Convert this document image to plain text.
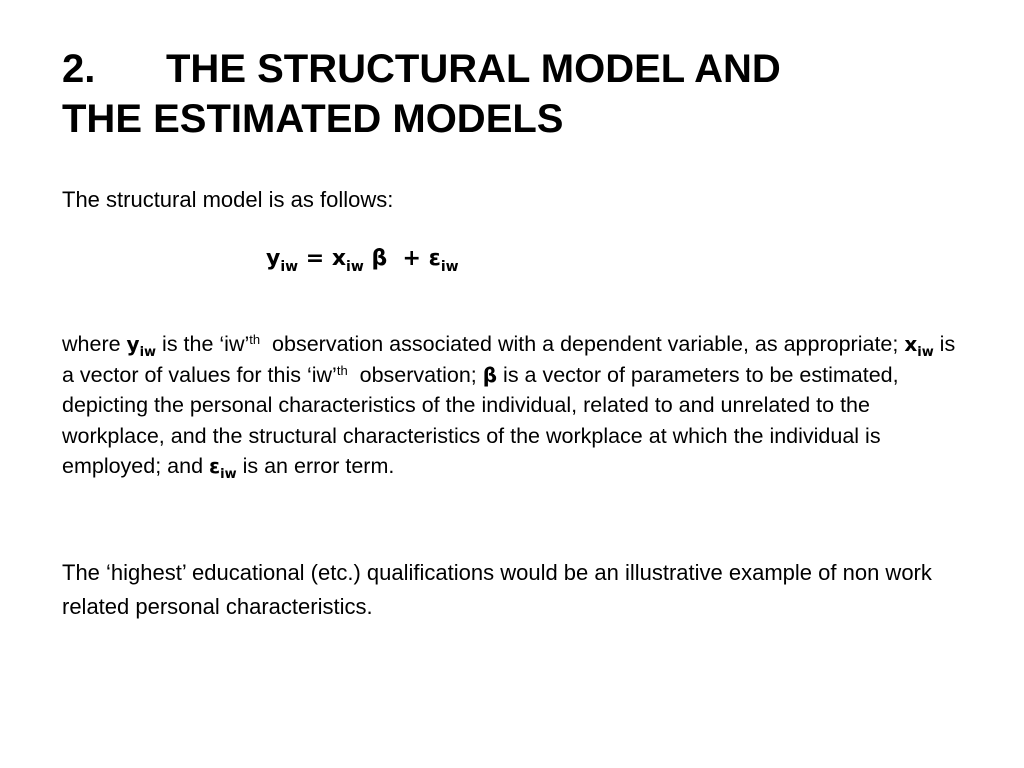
2. THE STRUCTURAL MODEL AND
THE ESTIMATED MODELS

The structural model is as follows:

$y_{iw} = x_{iw}$ $\beta + \varepsilon_{iw}$

where $y_{iw}$ is the ‘iw’$^{th}$  observation associated with a dependent variable, as appropriate; $x_{iw}$ is a vector of values for this ‘iw’$^{th}$  observation; β is a vector of parameters to be estimated, depicting the personal characteristics of the individual, related to and unrelated to the workplace, and the structural characteristics of the workplace at which the individual is employed; and $\varepsilon_{iw}$ is an error term.

The ‘highest’ educational (etc.) qualifications would be an illustrative example of non work related personal characteristics.
